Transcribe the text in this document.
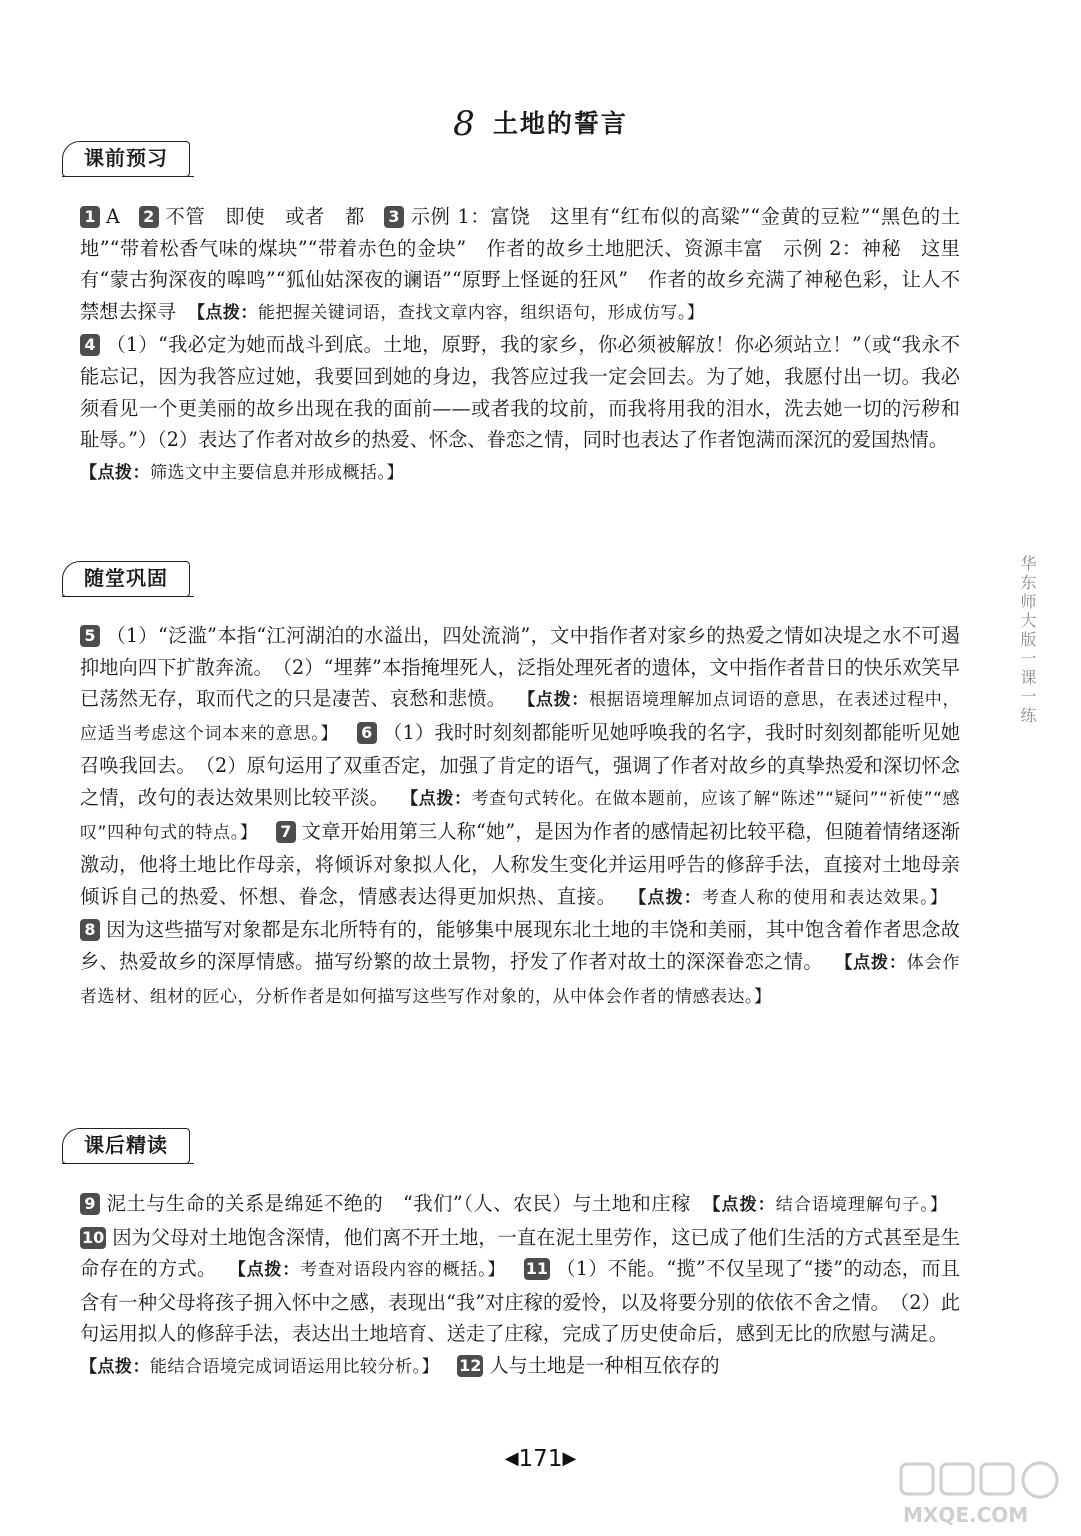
8 土地的誓言
课前预习

1 A 2 不管　即使　或者　都 3 示例 1：富饶　这里有“红布似的高粱”“金黄的豆粒”“黑色的土地”“带着松香气味的煤块”“带着赤色的金块”　作者的故乡土地肥沃、资源丰富　示例 2：神秘　这里有“蒙古狗深夜的嗥鸣”“狐仙姑深夜的谰语”“原野上怪诞的狂风”　作者的故乡充满了神秘色彩，让人不禁想去探寻 【点拨：能把握关键词语，查找文章内容，组织语句，形成仿写。】

4 （1）“我必定为她而战斗到底。土地，原野，我的家乡，你必须被解放！你必须站立！”（或“我永不能忘记，因为我答应过她，我要回到她的身边，我答应过我一定会回去。为了她，我愿付出一切。我必须看见一个更美丽的故乡出现在我的面前——或者我的坟前，而我将用我的泪水，洗去她一切的污秽和耻辱。”）（2）表达了作者对故乡的热爱、怀念、眷恋之情，同时也表达了作者饱满而深沉的爱国热情。【点拨：筛选文中主要信息并形成概括。】

随堂巩固

5 （1）“泛滥”本指“江河湖泊的水溢出，四处流淌”，文中指作者对家乡的热爱之情如决堤之水不可遏抑地向四下扩散奔流。　（2）“埋葬”本指掩埋死人，泛指处理死者的遗体，文中指作者昔日的快乐欢笑早已荡然无存，取而代之的只是凄苦、哀愁和悲愤。 【点拨：根据语境理解加点词语的意思，在表述过程中，应适当考虑这个词本来的意思。】 6 （1）我时时刻刻都能听见她呼唤我的名字，我时时刻刻都能听见她召唤我回去。　（2）原句运用了双重否定，加强了肯定的语气，强调了作者对故乡的真挚热爱和深切怀念之情，改句的表达效果则比较平淡。 【点拨：考查句式转化。在做本题前，应该了解“陈述”“疑问”“祈使”“感叹”四种句式的特点。】 7 文章开始用第三人称“她”，是因为作者的感情起初比较平稳，但随着情绪逐渐激动，他将土地比作母亲，将倾诉对象拟人化，人称发生变化并运用呼告的修辞手法，直接对土地母亲倾诉自己的热爱、怀想、眷念，情感表达得更加炽热、直接。 【点拨：考查人称的使用和表达效果。】 8 因为这些描写对象都是东北所特有的，能够集中展现东北土地的丰饶和美丽，其中饱含着作者思念故乡、热爱故乡的深厚情感。描写纷繁的故土景物，抒发了作者对故土的深深眷恋之情。 【点拨：体会作者选材、组材的匠心，分析作者是如何描写这些写作对象的，从中体会作者的情感表达。】

课后精读

9 泥土与生命的关系是绵延不绝的　“我们”（人、农民）与土地和庄稼 【点拨：结合语境理解句子。】 10 因为父母对土地饱含深情，他们离不开土地，一直在泥土里劳作，这已成了他们生活的方式甚至是生命存在的方式。 【点拨：考查对语段内容的概括。】 11 （1）不能。“揽”不仅呈现了“搂”的动态，而且含有一种父母将孩子拥入怀中之感，表现出“我”对庄稼的爱怜，以及将要分别的依依不舍之情。　（2）此句运用拟人的修辞手法，表达出土地培育、送走了庄稼，完成了历史使命后，感到无比的欣慰与满足。【点拨：能结合语境完成词语运用比较分析。】 12 人与土地是一种相互依存的

华东师大版一课一练
◀171▶
MXQE.COM
